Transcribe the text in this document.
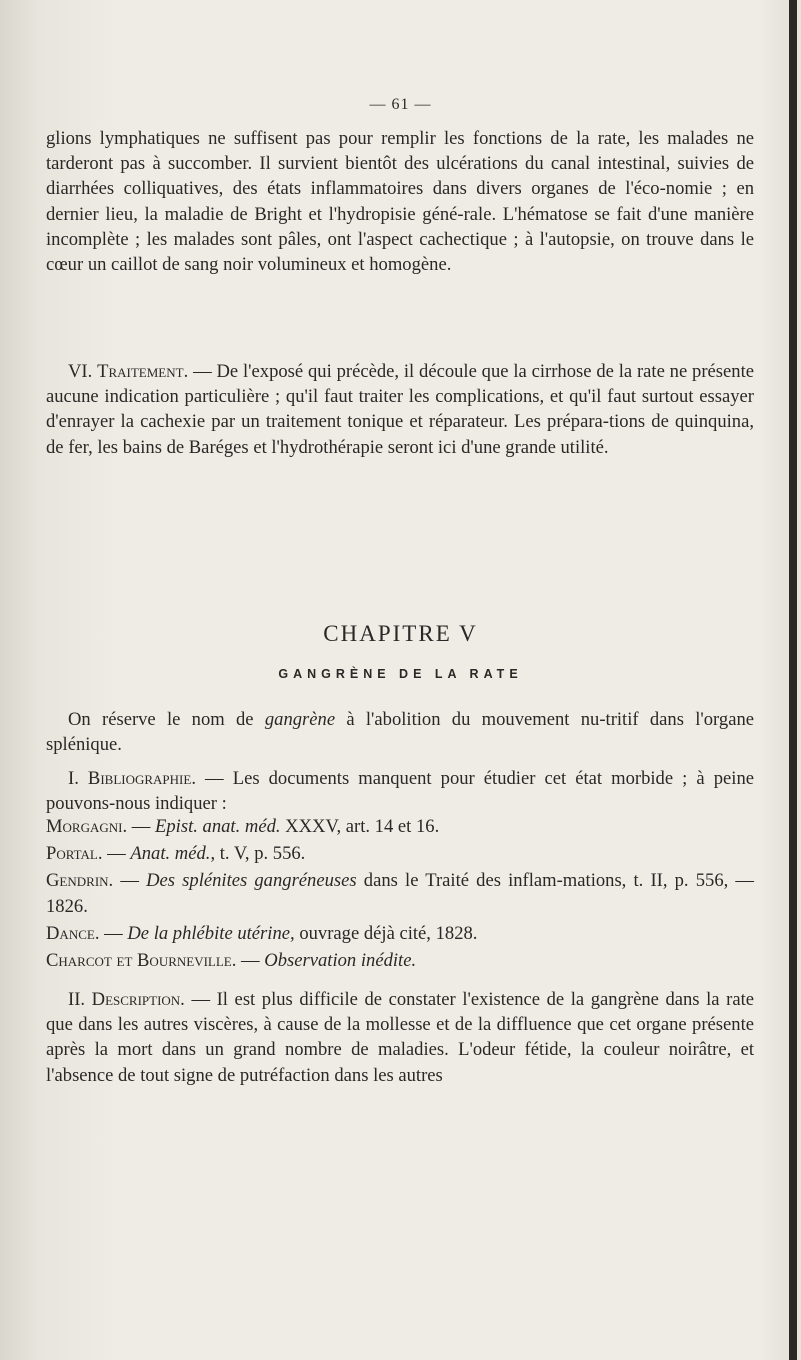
— 61 —

glions lymphatiques ne suffisent pas pour remplir les fonctions de la rate, les malades ne tarderont pas à succomber. Il survient bientôt des ulcérations du canal intestinal, suivies de diarrhées colliquatives, des états inflammatoires dans divers organes de l'éco-nomie ; en dernier lieu, la maladie de Bright et l'hydropisie géné-rale. L'hématose se fait d'une manière incomplète ; les malades sont pâles, ont l'aspect cachectique ; à l'autopsie, on trouve dans le cœur un caillot de sang noir volumineux et homogène.

VI. Traitement. — De l'exposé qui précède, il découle que la cirrhose de la rate ne présente aucune indication particulière ; qu'il faut traiter les complications, et qu'il faut surtout essayer d'enrayer la cachexie par un traitement tonique et réparateur. Les prépara-tions de quinquina, de fer, les bains de Baréges et l'hydrothérapie seront ici d'une grande utilité.

CHAPITRE V
GANGRÈNE DE LA RATE

On réserve le nom de gangrène à l'abolition du mouvement nu-tritif dans l'organe splénique.

I. Bibliographie. — Les documents manquent pour étudier cet état morbide ; à peine pouvons-nous indiquer :

Morgagni. — Epist. anat. méd. XXXV, art. 14 et 16.
Portal. — Anat. méd., t. V, p. 556.
Gendrin. — Des splénites gangréneuses dans le Traité des inflam-mations, t. II, p. 556, — 1826.
Dance. — De la phlébite utérine, ouvrage déjà cité, 1828.
Charcot et Bourneville. — Observation inédite.

II. Description. — Il est plus difficile de constater l'existence de la gangrène dans la rate que dans les autres viscères, à cause de la mollesse et de la diffluence que cet organe présente après la mort dans un grand nombre de maladies. L'odeur fétide, la couleur noirâtre, et l'absence de tout signe de putréfaction dans les autres
